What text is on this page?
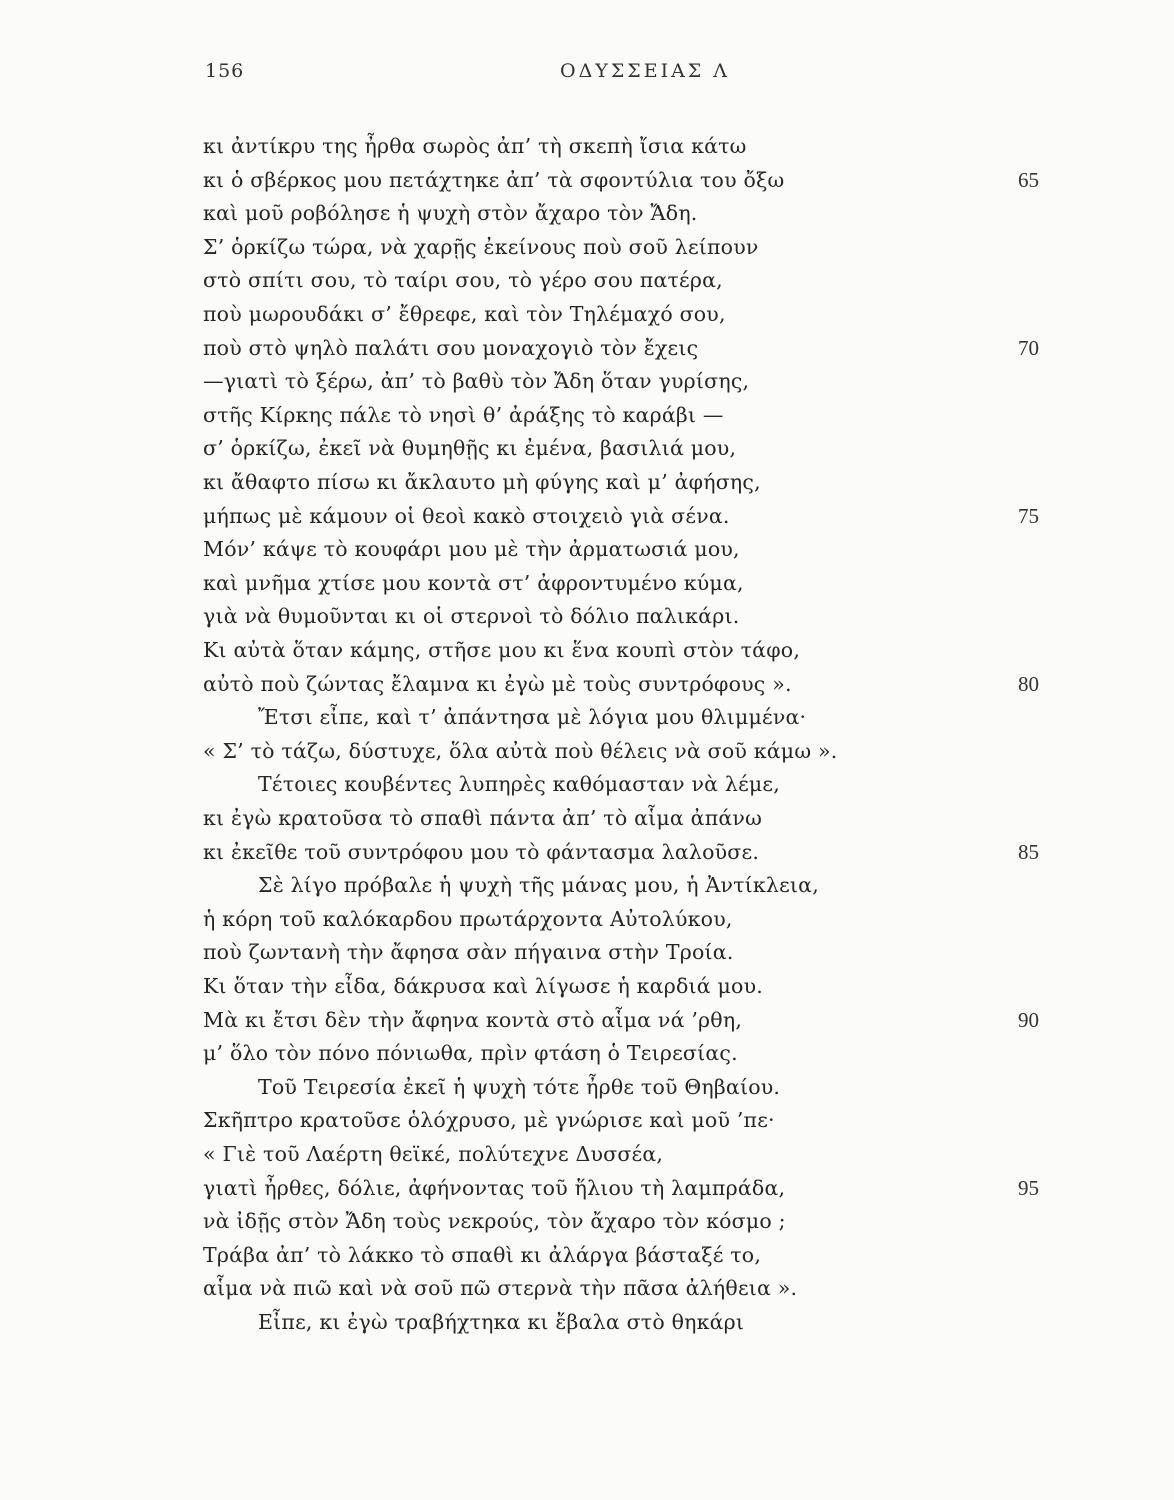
156	ΟΔΥΣΣΕΙΑΣ Λ
κι ἀντίκρυ της ἦρθα σωρὸς ἀπ’ τὴ σκεπὴ ἴσια κάτω
κι ὁ σβέρκος μου πετάχτηκε ἀπ’ τὰ σφοντύλια του ὄξω	65
καὶ μοῦ ροβόλησε ἡ ψυχὴ στὸν ἄχαρο τὸν Ἄδη.
Σ’ ὁρκίζω τώρα, νὰ χαρῇς ἐκείνους ποὺ σοῦ λείπουν
στὸ σπίτι σου, τὸ ταίρι σου, τὸ γέρο σου πατέρα,
ποὺ μωρουδάκι σ’ ἔθρεφε, καὶ τὸν Τηλέμαχό σου,
ποὺ στὸ ψηλὸ παλάτι σου μοναχογιὸ τὸν ἔχεις	70
—γιατὶ τὸ ξέρω, ἀπ’ τὸ βαθὺ τὸν Ἄδη ὅταν γυρίσης,
στῆς Κίρκης πάλε τὸ νησὶ θ’ ἀράξης τὸ καράβι —
σ’ ὁρκίζω, ἐκεῖ νὰ θυμηθῇς κι ἐμένα, βασιλιά μου,
κι ἄθαφτο πίσω κι ἄκλαυτο μὴ φύγης καὶ μ’ ἀφήσης,
μήπως μὲ κάμουν οἱ θεοὶ κακὸ στοιχειὸ γιὰ σένα.	75
Μόν’ κάψε τὸ κουφάρι μου μὲ τὴν ἀρματωσιά μου,
καὶ μνῆμα χτίσε μου κοντὰ στ’ ἀφροντυμένο κύμα,
γιὰ νὰ θυμοῦνται κι οἱ στερνοὶ τὸ δόλιο παλικάρι.
Κι αὐτὰ ὅταν κάμης, στῆσε μου κι ἕνα κουπὶ στὸν τάφο,
αὐτὸ ποὺ ζώντας ἔλαμνα κι ἐγὼ μὲ τοὺς συντρόφους ».	80
Ἔτσι εἶπε, καὶ τ’ ἀπάντησα μὲ λόγια μου θλιμμένα·
« Σ’ τὸ τάζω, δύστυχε, ὅλα αὐτὰ ποὺ θέλεις νὰ σοῦ κάμω ».
Τέτοιες κουβέντες λυπηρὲς καθόμασταν νὰ λέμε,
κι ἐγὼ κρατοῦσα τὸ σπαθὶ πάντα ἀπ’ τὸ αἷμα ἀπάνω
κι ἐκεῖθε τοῦ συντρόφου μου τὸ φάντασμα λαλοῦσε.	85
Σὲ λίγο πρόβαλε ἡ ψυχὴ τῆς μάνας μου, ἡ Ἀντίκλεια,
ἡ κόρη τοῦ καλόκαρδου πρωτάρχοντα Αὐτολύκου,
ποὺ ζωντανὴ τὴν ἄφησα σὰν πήγαινα στὴν Τροία.
Κι ὅταν τὴν εἶδα, δάκρυσα καὶ λίγωσε ἡ καρδιά μου.
Μὰ κι ἔτσι δὲν τὴν ἄφηνα κοντὰ στὸ αἷμα νά ’ρθη,	90
μ’ ὅλο τὸν πόνο πόνιωθα, πρὶν φτάση ὁ Τειρεσίας.
Τοῦ Τειρεσία ἐκεῖ ἡ ψυχὴ τότε ἦρθε τοῦ Θηβαίου.
Σκῆπτρο κρατοῦσε ὁλόχρυσο, μὲ γνώρισε καὶ μοῦ ’πε·
« Γιὲ τοῦ Λαέρτη θεϊκέ, πολύτεχνε Δυσσέα,
γιατὶ ἦρθες, δόλιε, ἀφήνοντας τοῦ ἥλιου τὴ λαμπράδα,	95
νὰ ἰδῇς στὸν Ἄδη τοὺς νεκρούς, τὸν ἄχαρο τὸν κόσμο ;
Τράβα ἀπ’ τὸ λάκκο τὸ σπαθὶ κι ἀλάργα βάσταξέ το,
αἷμα νὰ πιῶ καὶ νὰ σοῦ πῶ στερνὰ τὴν πᾶσα ἀλήθεια ».
Εἶπε, κι ἐγὼ τραβήχτηκα κι ἔβαλα στὸ θηκάρι
